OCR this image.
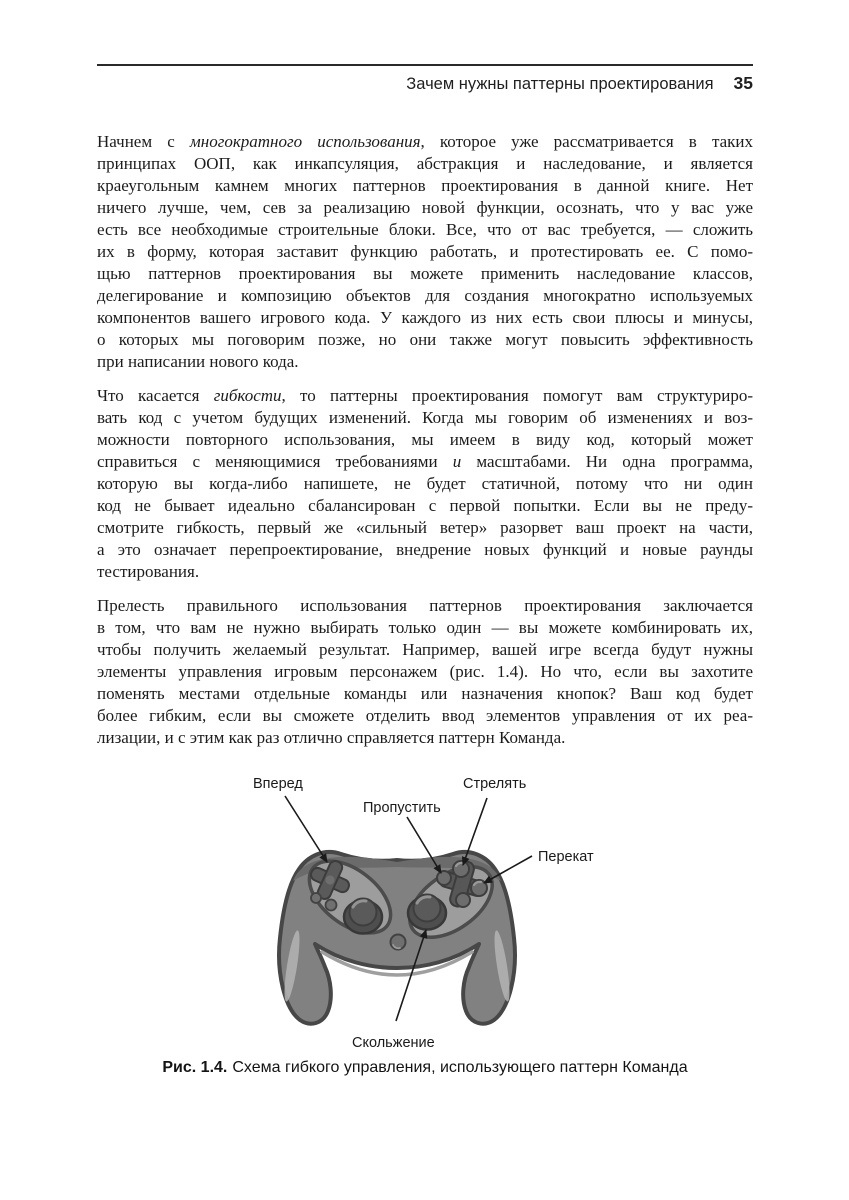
Зачем нужны паттерны проектирования 35
Начнем с многократного использования, которое уже рассматривается в таких
принципах ООП, как инкапсуляция, абстракция и наследование, и является
краеугольным камнем многих паттернов проектирования в данной книге. Нет
ничего лучше, чем, сев за реализацию новой функции, осознать, что у вас уже
есть все необходимые строительные блоки. Все, что от вас требуется, — сложить
их в форму, которая заставит функцию работать, и протестировать ее. С помо-
щью паттернов проектирования вы можете применить наследование классов,
делегирование и композицию объектов для создания многократно используемых
компонентов вашего игрового кода. У каждого из них есть свои плюсы и минусы,
о которых мы поговорим позже, но они также могут повысить эффективность
при написании нового кода.
Что касается гибкости, то паттерны проектирования помогут вам структуриро-
вать код с учетом будущих изменений. Когда мы говорим об изменениях и воз-
можности повторного использования, мы имеем в виду код, который может
справиться с меняющимися требованиями и масштабами. Ни одна программа,
которую вы когда-либо напишете, не будет статичной, потому что ни один
код не бывает идеально сбалансирован с первой попытки. Если вы не преду-
смотрите гибкость, первый же «сильный ветер» разорвет ваш проект на части,
а это означает перепроектирование, внедрение новых функций и новые раунды
тестирования.
Прелесть правильного использования паттернов проектирования заключается
в том, что вам не нужно выбирать только один — вы можете комбинировать их,
чтобы получить желаемый результат. Например, вашей игре всегда будут нужны
элементы управления игровым персонажем (рис. 1.4). Но что, если вы захотите
поменять местами отдельные команды или назначения кнопок? Ваш код будет
более гибким, если вы сможете отделить ввод элементов управления от их реа-
лизации, и с этим как раз отлично справляется паттерн Команда.
Вперед
Пропустить
Стрелять
Перекат
Скольжение
Рис. 1.4. Схема гибкого управления, использующего паттерн Команда
